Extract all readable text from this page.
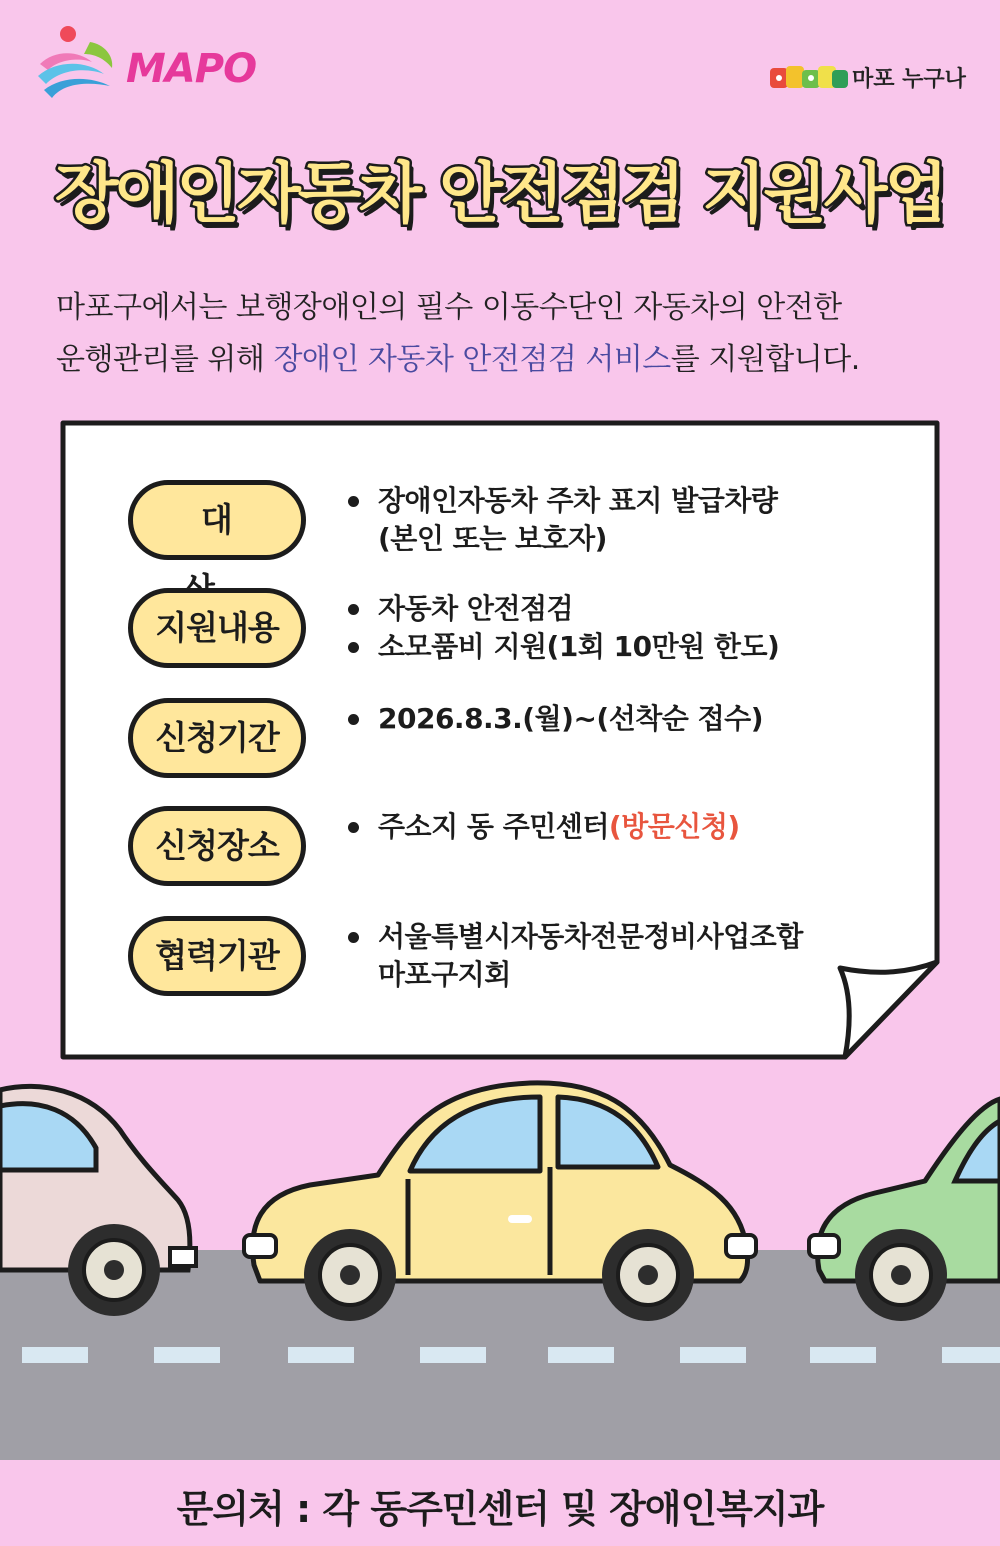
MAPO	마포 누구나
장애인자동차 안전점검 지원사업
마포구에서는 보행장애인의 필수 이동수단인 자동차의 안전한
운행관리를 위해 장애인 자동차 안전점검 서비스를 지원합니다.
대	장애인자동차 주차 표지 발급차량
(본인 또는 보호자)
지원내용	자동차 안전점검
소모품비 지원(1회 10만원 한도)
신청기간	2026.8.3.(월)~(선착순 접수)
신청장소	주소지 동 주민센터(방문신청)
협력기관	서울특별시자동차전문정비사업조합
마포구지회
문의처 : 각 동주민센터 및 장애인복지과
